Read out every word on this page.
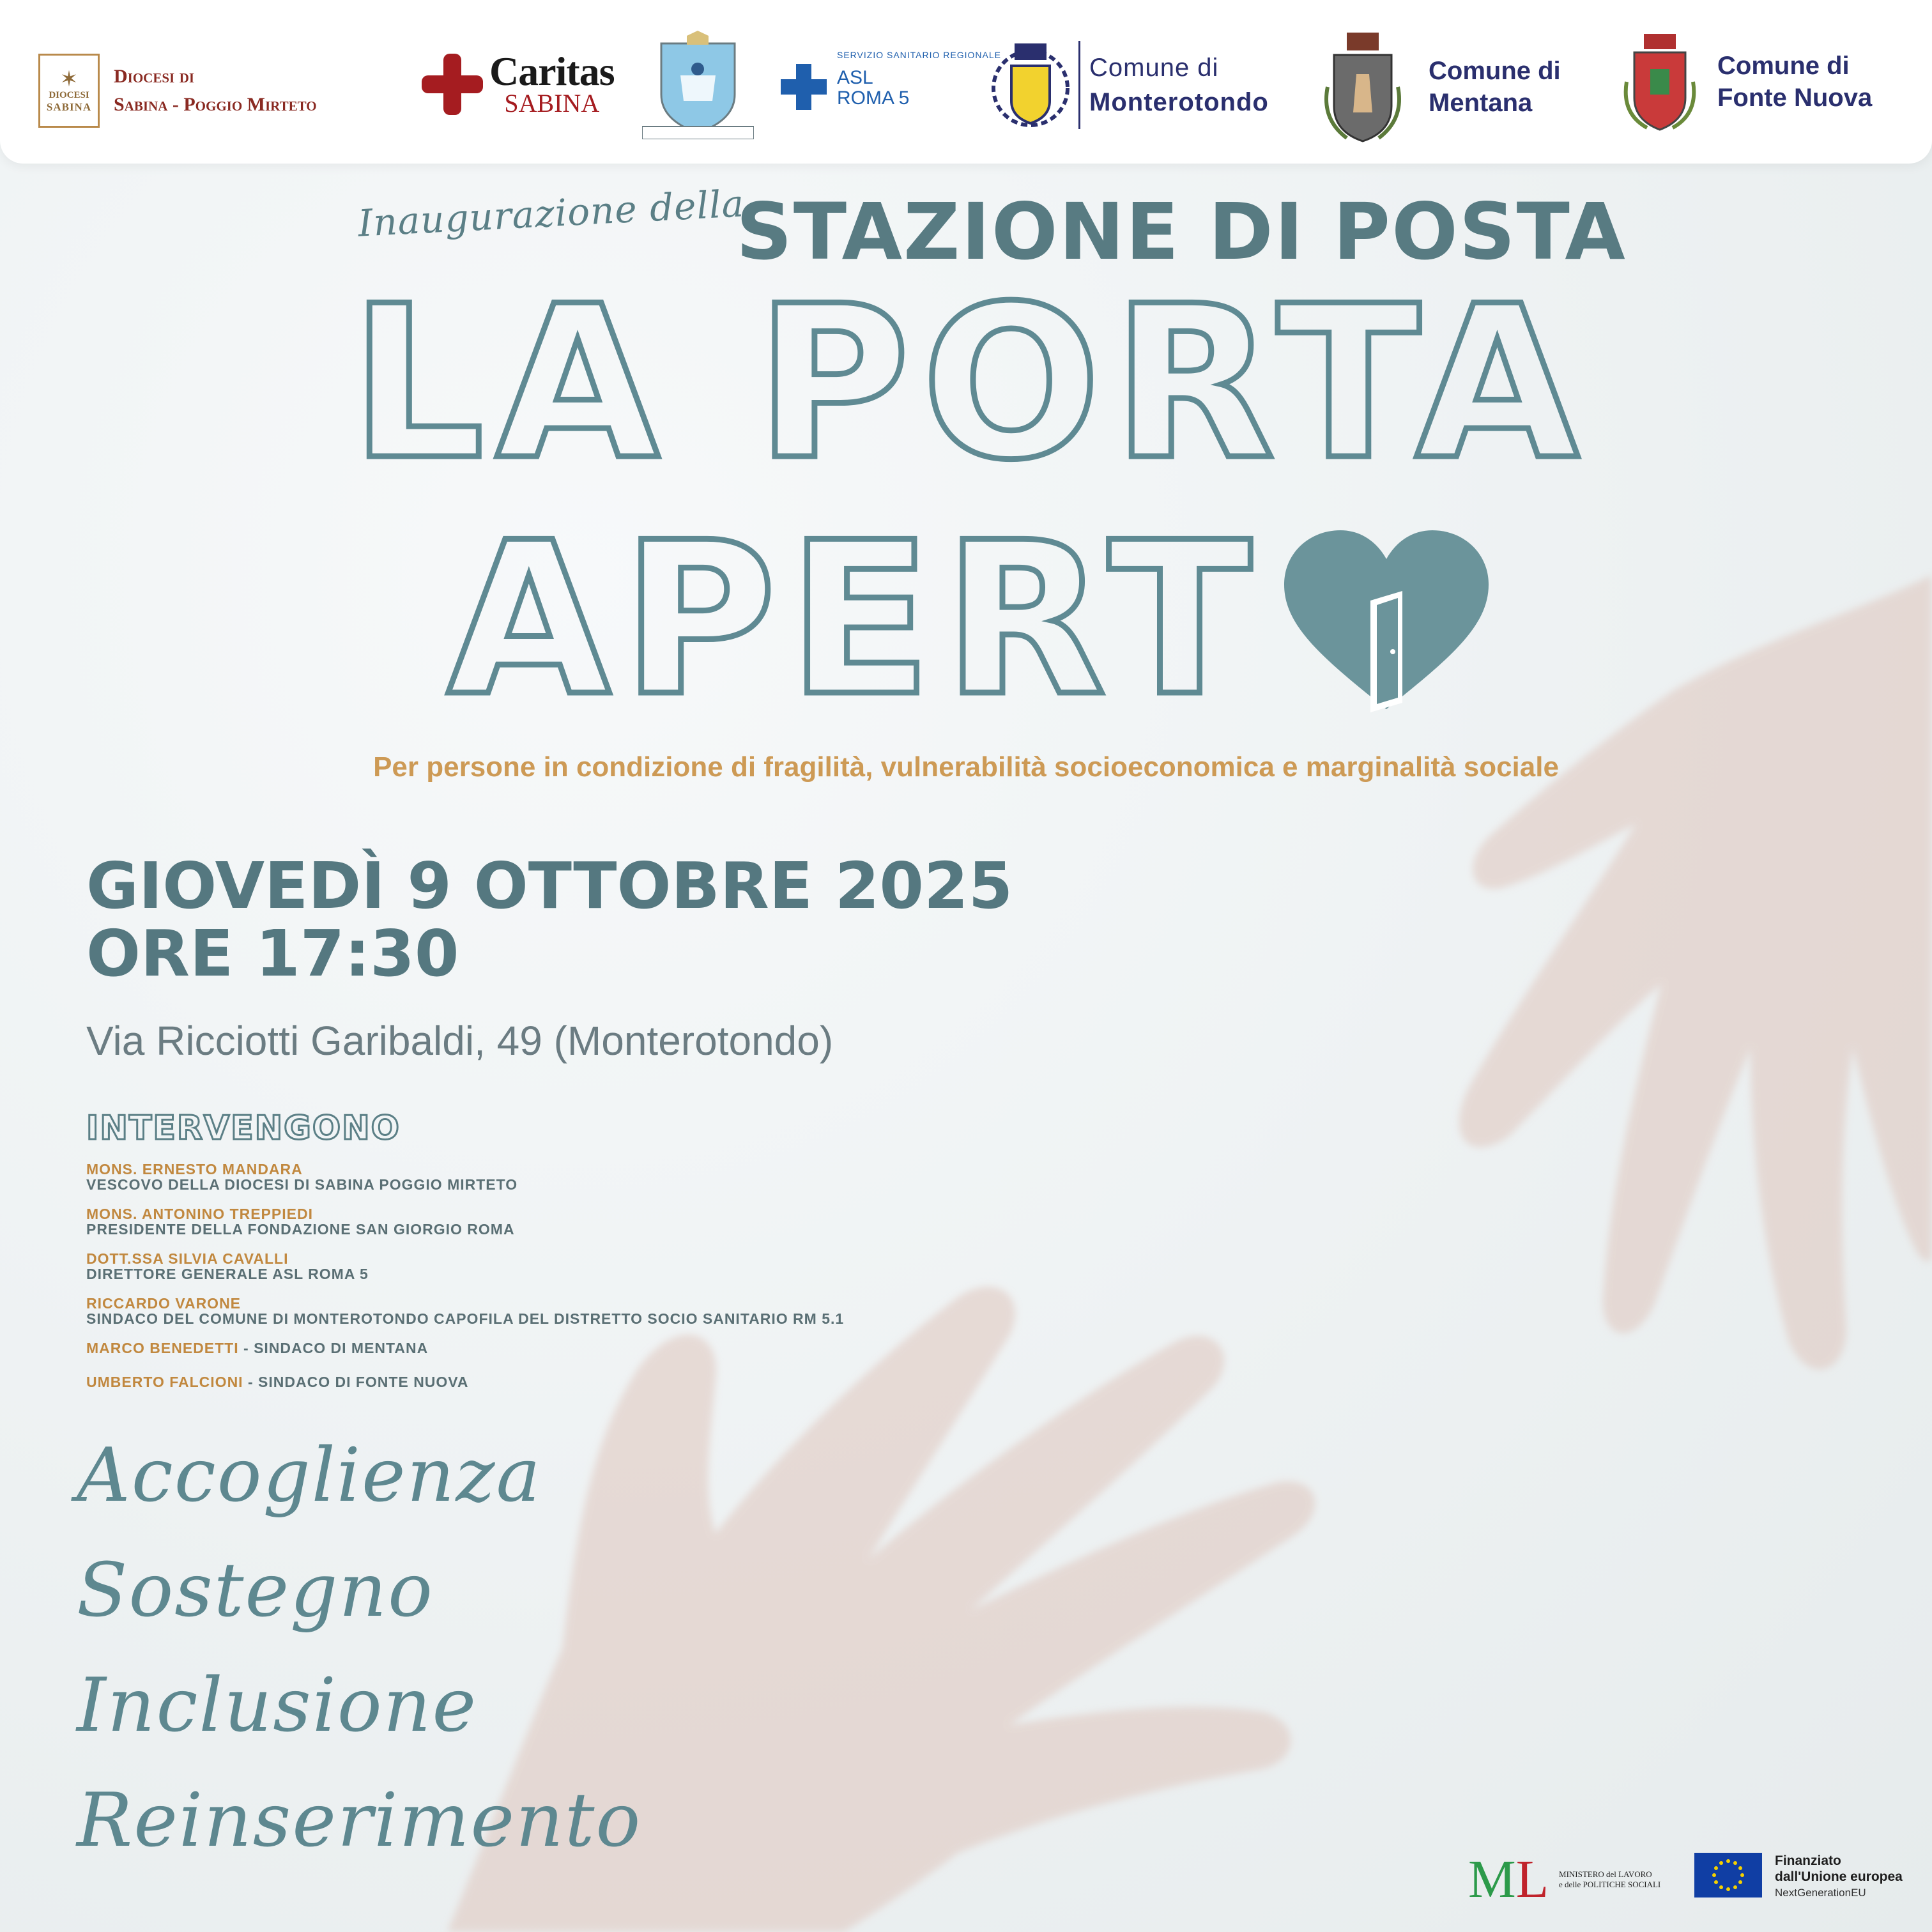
✶
DIOCESI
SABINA
Diocesi di
Sabina - Poggio Mirteto
Caritas
SABINA
SERVIZIO SANITARIO REGIONALE
ASL
ROMA 5
Comune di
Monterotondo
Comune di
Mentana
Comune di
Fonte Nuova
Inaugurazione della
STAZIONE DI POSTA
LA PORTA
APERT
Per persone in condizione di fragilità, vulnerabilità socioeconomica e marginalità sociale
GIOVEDÌ 9 OTTOBRE 2025
ORE 17:30
Via Ricciotti Garibaldi, 49 (Monterotondo)
INTERVENGONO
MONS. ERNESTO MANDARA
VESCOVO DELLA DIOCESI DI SABINA POGGIO MIRTETO
MONS. ANTONINO TREPPIEDI
PRESIDENTE DELLA FONDAZIONE SAN GIORGIO ROMA
DOTT.SSA SILVIA CAVALLI
DIRETTORE GENERALE ASL ROMA 5
RICCARDO VARONE
SINDACO DEL COMUNE DI MONTEROTONDO CAPOFILA DEL DISTRETTO SOCIO SANITARIO RM 5.1
MARCO BENEDETTI - SINDACO DI MENTANA
UMBERTO FALCIONI - SINDACO DI FONTE NUOVA
Accoglienza
Sostegno
Inclusione
Reinserimento
ML MINISTERO del LAVORO
e delle POLITICHE SOCIALI
Finanziato
dall'Unione europea
NextGenerationEU
